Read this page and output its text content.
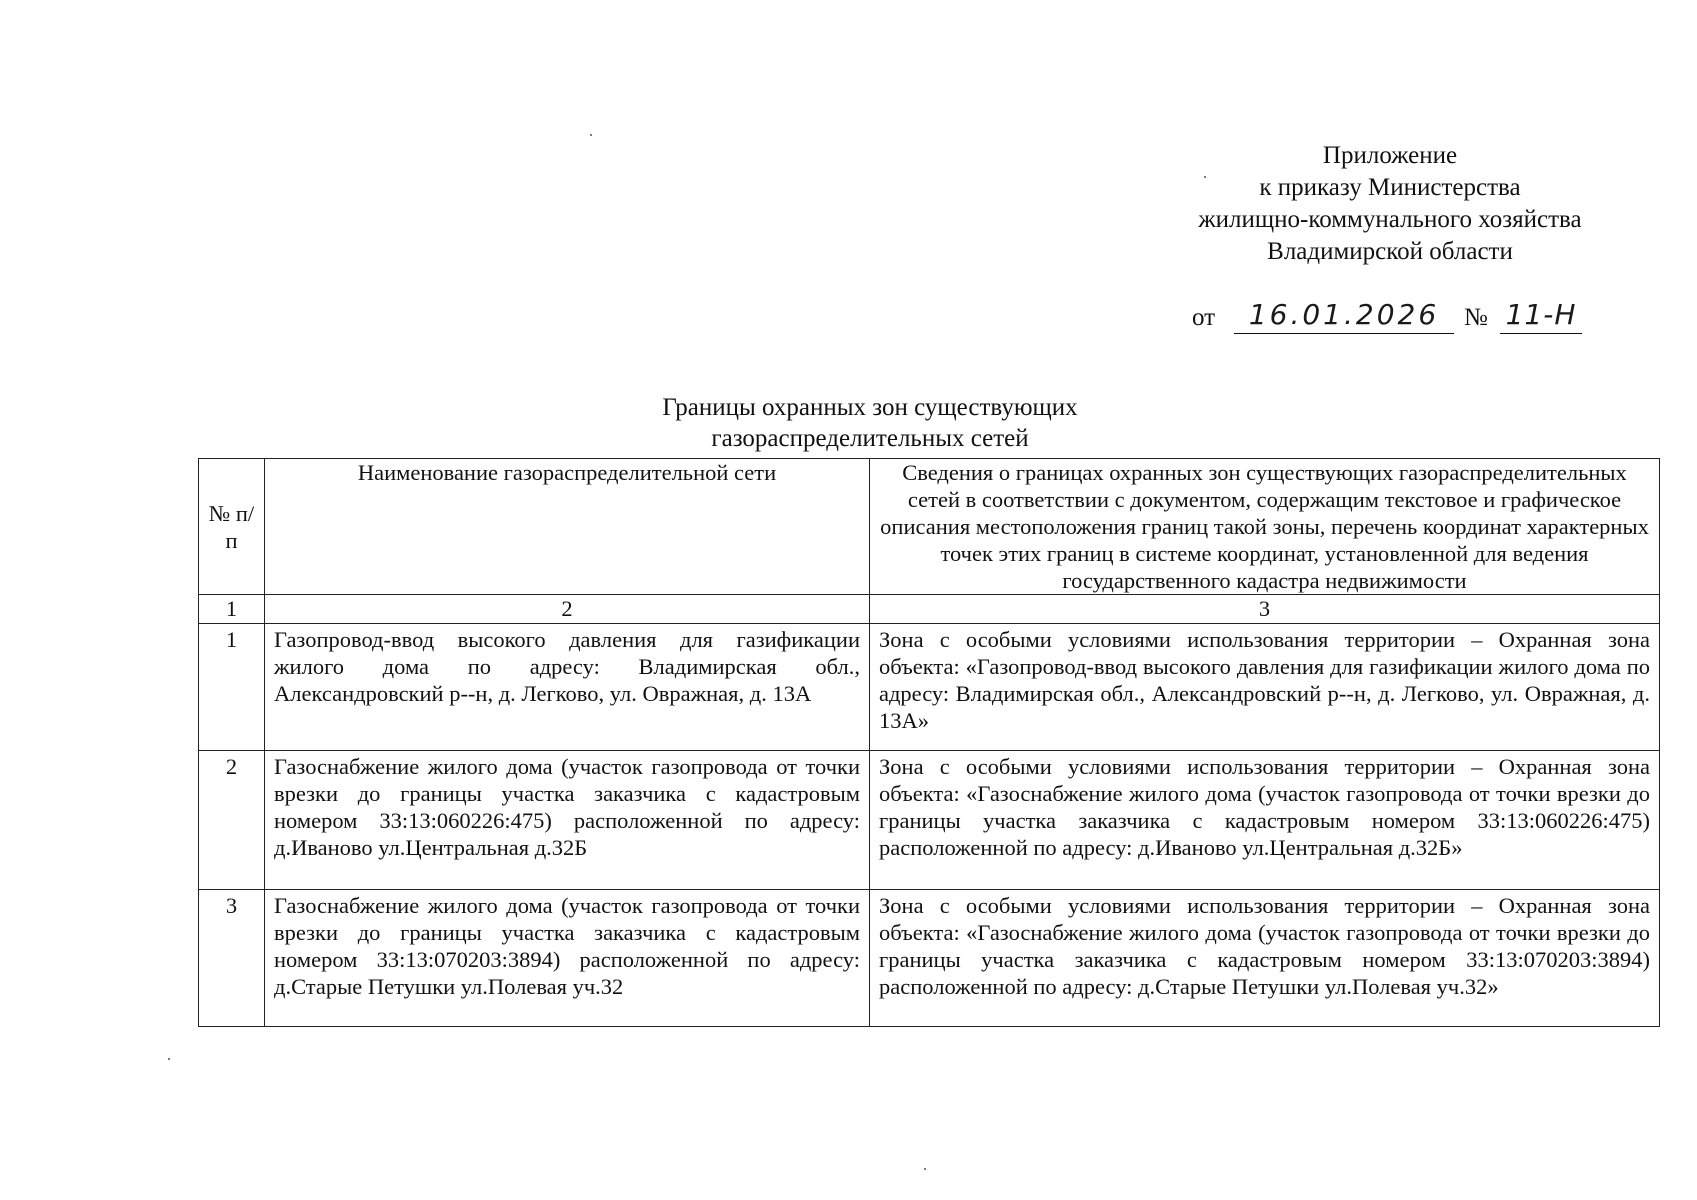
Приложение
к приказу Министерства
жилищно-коммунального хозяйства
Владимирской области
от	16.01.2026 № 11-Н
Границы охранных зон существующих
газораспределительных сетей
№ п/п	Наименование газораспределительной сети	Сведения о границах охранных зон существующих газораспределительных сетей в соответствии с документом, содержащим текстовое и графическое описания местоположения границ такой зоны, перечень координат характерных точек этих границ в системе координат, установленной для ведения государственного кадастра недвижимости
1	2	3
1	Газопровод-ввод высокого давления для газификации жилого дома по адресу: Владимирская обл., Александровский р--н, д. Легково, ул. Овражная, д. 13А	Зона с особыми условиями использования территории – Охранная зона объекта: «Газопровод-ввод высокого давления для газификации жилого дома по адресу: Владимирская обл., Александровский р--н, д. Легково, ул. Овражная, д. 13А»
2	Газоснабжение жилого дома (участок газопровода от точки врезки до границы участка заказчика с кадастровым номером 33:13:060226:475) расположенной по адресу: д.Иваново ул.Центральная д.32Б	Зона с особыми условиями использования территории – Охранная зона объекта: «Газоснабжение жилого дома (участок газопровода от точки врезки до границы участка заказчика с кадастровым номером 33:13:060226:475) расположенной по адресу: д.Иваново ул.Центральная д.32Б»
3	Газоснабжение жилого дома (участок газопровода от точки врезки до границы участка заказчика с кадастровым номером 33:13:070203:3894) расположенной по адресу: д.Старые Петушки ул.Полевая уч.32	Зона с особыми условиями использования территории – Охранная зона объекта: «Газоснабжение жилого дома (участок газопровода от точки врезки до границы участка заказчика с кадастровым номером 33:13:070203:3894) расположенной по адресу: д.Старые Петушки ул.Полевая уч.32»
